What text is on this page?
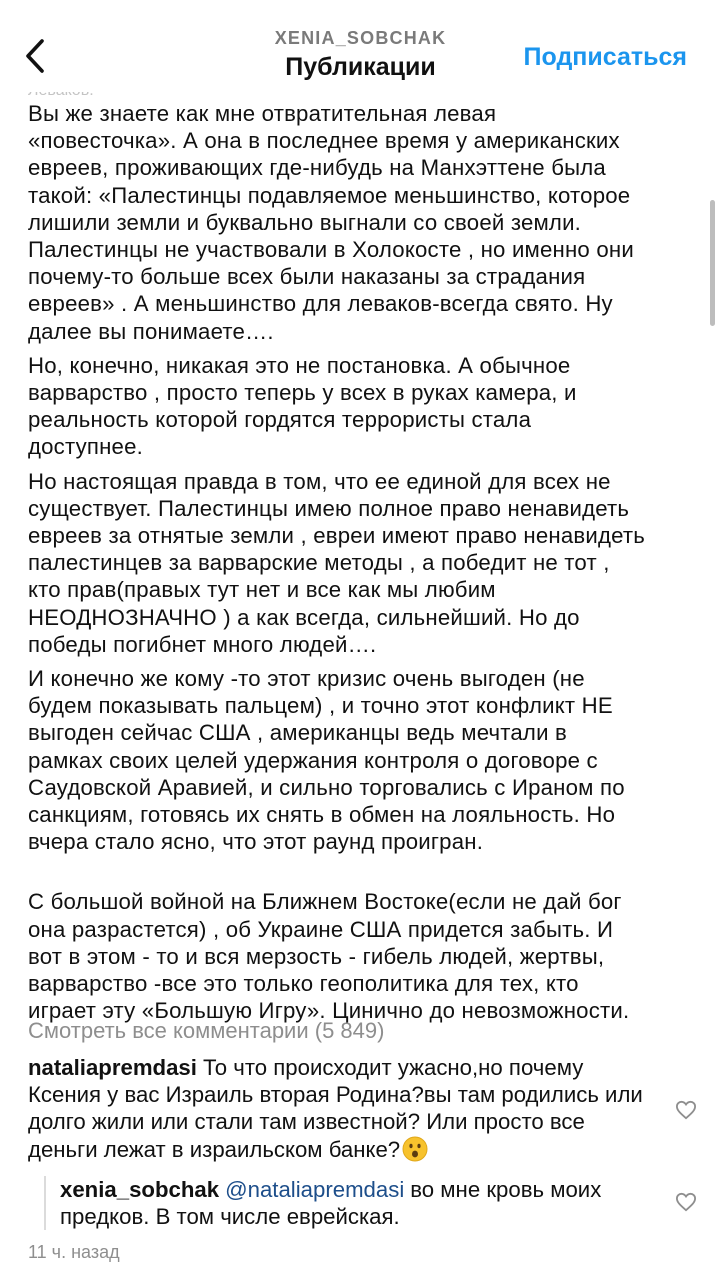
XENIA_SOBCHAK
Публикации	Подписаться

Вы же знаете как мне отвратительная левая
«повесточка». А она в последнее время у американских
евреев, проживающих где-нибудь на Манхэттене была
такой: «Палестинцы подавляемое меньшинство, которое
лишили земли и буквально выгнали со своей земли.
Палестинцы не участвовали в Холокосте , но именно они
почему-то больше всех были наказаны за страдания
евреев» . А меньшинство для леваков-всегда свято. Ну
далее вы понимаете….

Но, конечно, никакая это не постановка. А обычное
варварство , просто теперь у всех в руках камера, и
реальность которой гордятся террористы стала
доступнее.

Но настоящая правда в том, что ее единой для всех не
существует. Палестинцы имею полное право ненавидеть
евреев за отнятые земли , евреи имеют право ненавидеть
палестинцев за варварские методы , а победит не тот ,
кто прав(правых тут нет и все как мы любим
НЕОДНОЗНАЧНО ) а как всегда, сильнейший. Но до
победы погибнет много людей….

И конечно же кому -то этот кризис очень выгоден (не
будем показывать пальцем) , и точно этот конфликт НЕ
выгоден сейчас США , американцы ведь мечтали в
рамках своих целей удержания контроля о договоре с
Саудовской Аравией, и сильно торговались с Ираном по
санкциям, готовясь их снять в обмен на лояльность. Но
вчера стало ясно, что этот раунд проигран.

С большой войной на Ближнем Востоке(если не дай бог
она разрастется) , об Украине США придется забыть. И
вот в этом - то и вся мерзость - гибель людей, жертвы,
варварство -все это только геополитика для тех, кто
играет эту «Большую Игру». Цинично до невозможности.

Смотреть все комментарии (5 849)
nataliapremdasi То что происходит ужасно,но почему Ксения у вас Израиль вторая Родина?вы там родились или долго жили или стали там известной? Или просто все деньги лежат в израильском банке?
xenia_sobchak @nataliapremdasi во мне кровь моих предков. В том числе еврейская.
11 ч. назад
